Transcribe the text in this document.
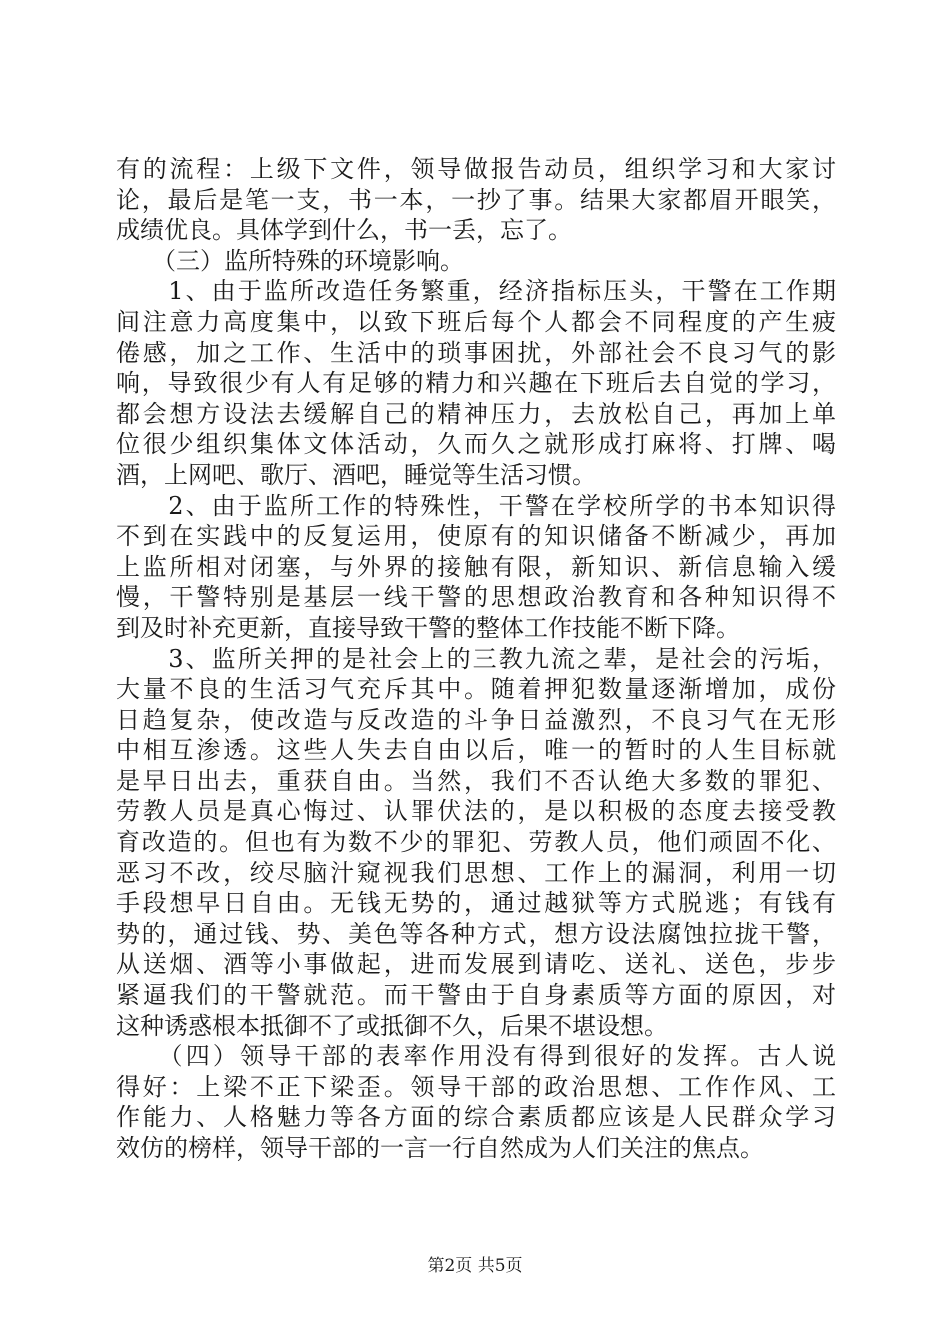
有的流程：上级下文件，领导做报告动员，组织学习和大家讨
论，最后是笔一支，书一本，一抄了事。结果大家都眉开眼笑，
成绩优良。具体学到什么，书一丢，忘了。
　　（三）监所特殊的环境影响。
　　1、由于监所改造任务繁重，经济指标压头，干警在工作期
间注意力高度集中，以致下班后每个人都会不同程度的产生疲
倦感，加之工作、生活中的琐事困扰，外部社会不良习气的影
响，导致很少有人有足够的精力和兴趣在下班后去自觉的学习，
都会想方设法去缓解自己的精神压力，去放松自己，再加上单
位很少组织集体文体活动，久而久之就形成打麻将、打牌、喝
酒，上网吧、歌厅、酒吧，睡觉等生活习惯。
　　2、由于监所工作的特殊性，干警在学校所学的书本知识得
不到在实践中的反复运用，使原有的知识储备不断减少，再加
上监所相对闭塞，与外界的接触有限，新知识、新信息输入缓
慢，干警特别是基层一线干警的思想政治教育和各种知识得不
到及时补充更新，直接导致干警的整体工作技能不断下降。
　　3、监所关押的是社会上的三教九流之辈，是社会的污垢，
大量不良的生活习气充斥其中。随着押犯数量逐渐增加，成份
日趋复杂，使改造与反改造的斗争日益激烈，不良习气在无形
中相互渗透。这些人失去自由以后，唯一的暂时的人生目标就
是早日出去，重获自由。当然，我们不否认绝大多数的罪犯、
劳教人员是真心悔过、认罪伏法的，是以积极的态度去接受教
育改造的。但也有为数不少的罪犯、劳教人员，他们顽固不化、
恶习不改，绞尽脑汁窥视我们思想、工作上的漏洞，利用一切
手段想早日自由。无钱无势的，通过越狱等方式脱逃；有钱有
势的，通过钱、势、美色等各种方式，想方设法腐蚀拉拢干警，
从送烟、酒等小事做起，进而发展到请吃、送礼、送色，步步
紧逼我们的干警就范。而干警由于自身素质等方面的原因，对
这种诱惑根本抵御不了或抵御不久，后果不堪设想。
　　（四）领导干部的表率作用没有得到很好的发挥。古人说
得好：上梁不正下梁歪。领导干部的政治思想、工作作风、工
作能力、人格魅力等各方面的综合素质都应该是人民群众学习
效仿的榜样，领导干部的一言一行自然成为人们关注的焦点。
第2页 共5页
